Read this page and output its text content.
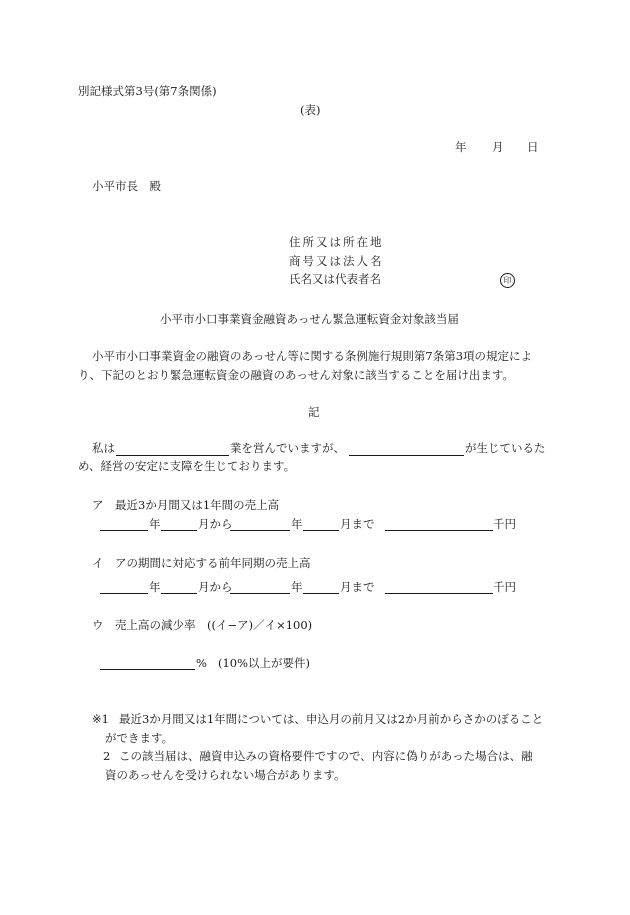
別記様式第3号(第7条関係)
(表)
年 月 日
小平市長　殿
住所又は所在地
商号又は法人名
氏名又は代表者名	印
小平市小口事業資金融資あっせん緊急運転資金対象該当届
小平市小口事業資金の融資のあっせん等に関する条例施行規則第7条第3項の規定によ
り、下記のとおり緊急運転資金の融資のあっせん対象に該当することを届け出ます。
記
私は	業を営んでいますが、	が生じているた
め、経営の安定に支障を生じております。
ア　最近3か月間又は1年間の売上高
年	月から	年	月まで	千円
イ　アの期間に対応する前年同期の売上高
年	月から	年	月まで	千円
ウ　売上高の減少率　((イ−ア)／イ×100)
% (10%以上が要件)
※1 最近3か月間又は1年間については、申込月の前月又は2か月前からさかのぼること
ができます。
2 この該当届は、融資申込みの資格要件ですので、内容に偽りがあった場合は、融
資のあっせんを受けられない場合があります。
